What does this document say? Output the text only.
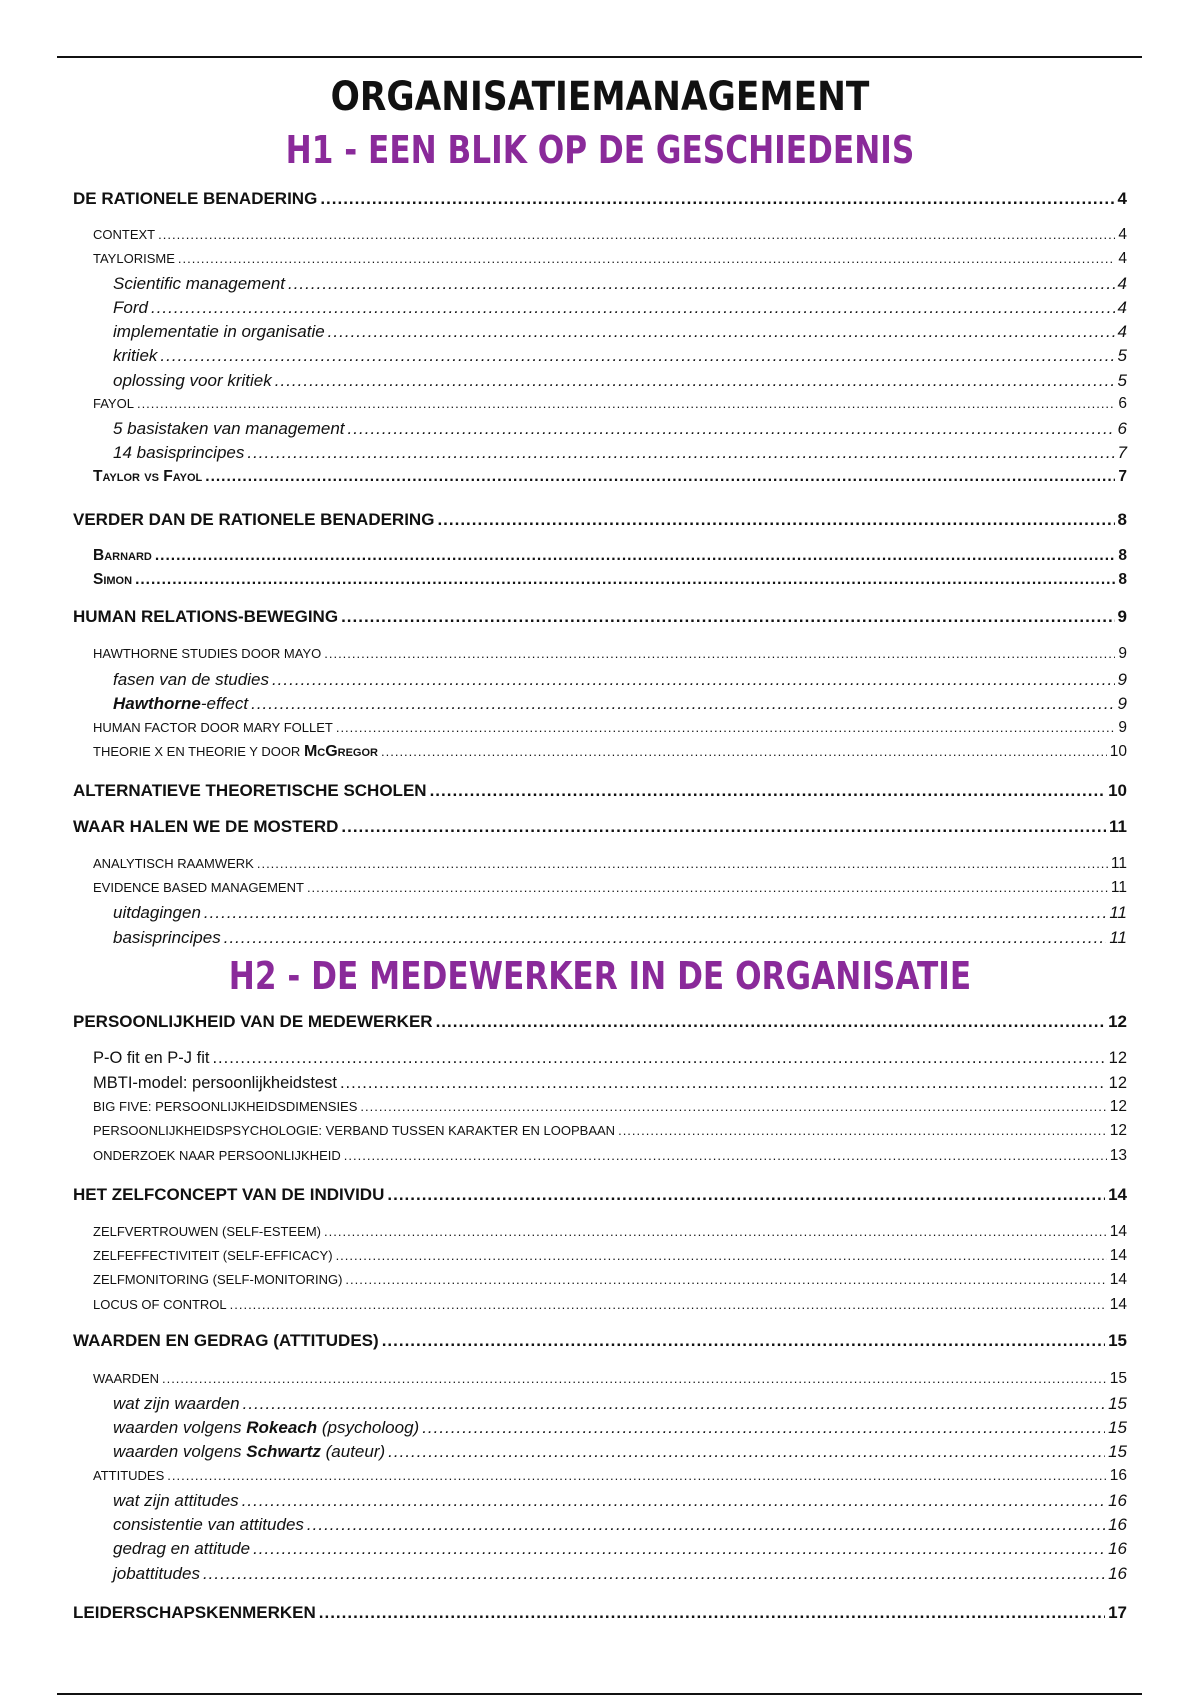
ORGANISATIEMANAGEMENT
H1 - EEN BLIK OP DE GESCHIEDENIS
DE RATIONELE BENADERING .....	4
CONTEXT .....	4
TAYLORISME .....	4
Scientific management .....	4
Ford .....	4
implementatie in organisatie .....	4
kritiek .....	5
oplossing voor kritiek .....	5
FAYOL .....	6
5 basistaken van management .....	6
14 basisprincipes .....	7
Taylor vs Fayol .....	7
VERDER DAN DE RATIONELE BENADERING .....	8
Barnard .....	8
Simon .....	8
HUMAN RELATIONS-BEWEGING .....	9
HAWTHORNE STUDIES DOOR MAYO .....	9
fasen van de studies .....	9
Hawthorne-effect .....	9
HUMAN FACTOR DOOR MARY FOLLET .....	9
THEORIE X EN THEORIE Y DOOR McGregor .....	10
ALTERNATIEVE THEORETISCHE SCHOLEN .....	10
WAAR HALEN WE DE MOSTERD .....	11
ANALYTISCH RAAMWERK .....	11
EVIDENCE BASED MANAGEMENT .....	11
uitdagingen .....	11
basisprincipes .....	11
H2 - DE MEDEWERKER IN DE ORGANISATIE
PERSOONLIJKHEID VAN DE MEDEWERKER .....	12
P-O fit en P-J fit .....	12
MBTI-model: persoonlijkheidstest .....	12
BIG FIVE: PERSOONLIJKHEIDSDIMENSIES .....	12
PERSOONLIJKHEIDSPSYCHOLOGIE: VERBAND TUSSEN KARAKTER EN LOOPBAAN .....	12
ONDERZOEK NAAR PERSOONLIJKHEID .....	13
HET ZELFCONCEPT VAN DE INDIVIDU .....	14
ZELFVERTROUWEN (SELF-ESTEEM) .....	14
ZELFEFFECTIVITEIT (SELF-EFFICACY) .....	14
ZELFMONITORING (SELF-MONITORING) .....	14
LOCUS OF CONTROL .....	14
WAARDEN EN GEDRAG (ATTITUDES) .....	15
WAARDEN .....	15
wat zijn waarden .....	15
waarden volgens Rokeach (psycholoog) .....	15
waarden volgens Schwartz (auteur) .....	15
ATTITUDES .....	16
wat zijn attitudes .....	16
consistentie van attitudes .....	16
gedrag en attitude .....	16
jobattitudes .....	16
LEIDERSCHAPSKENMERKEN .....	17
